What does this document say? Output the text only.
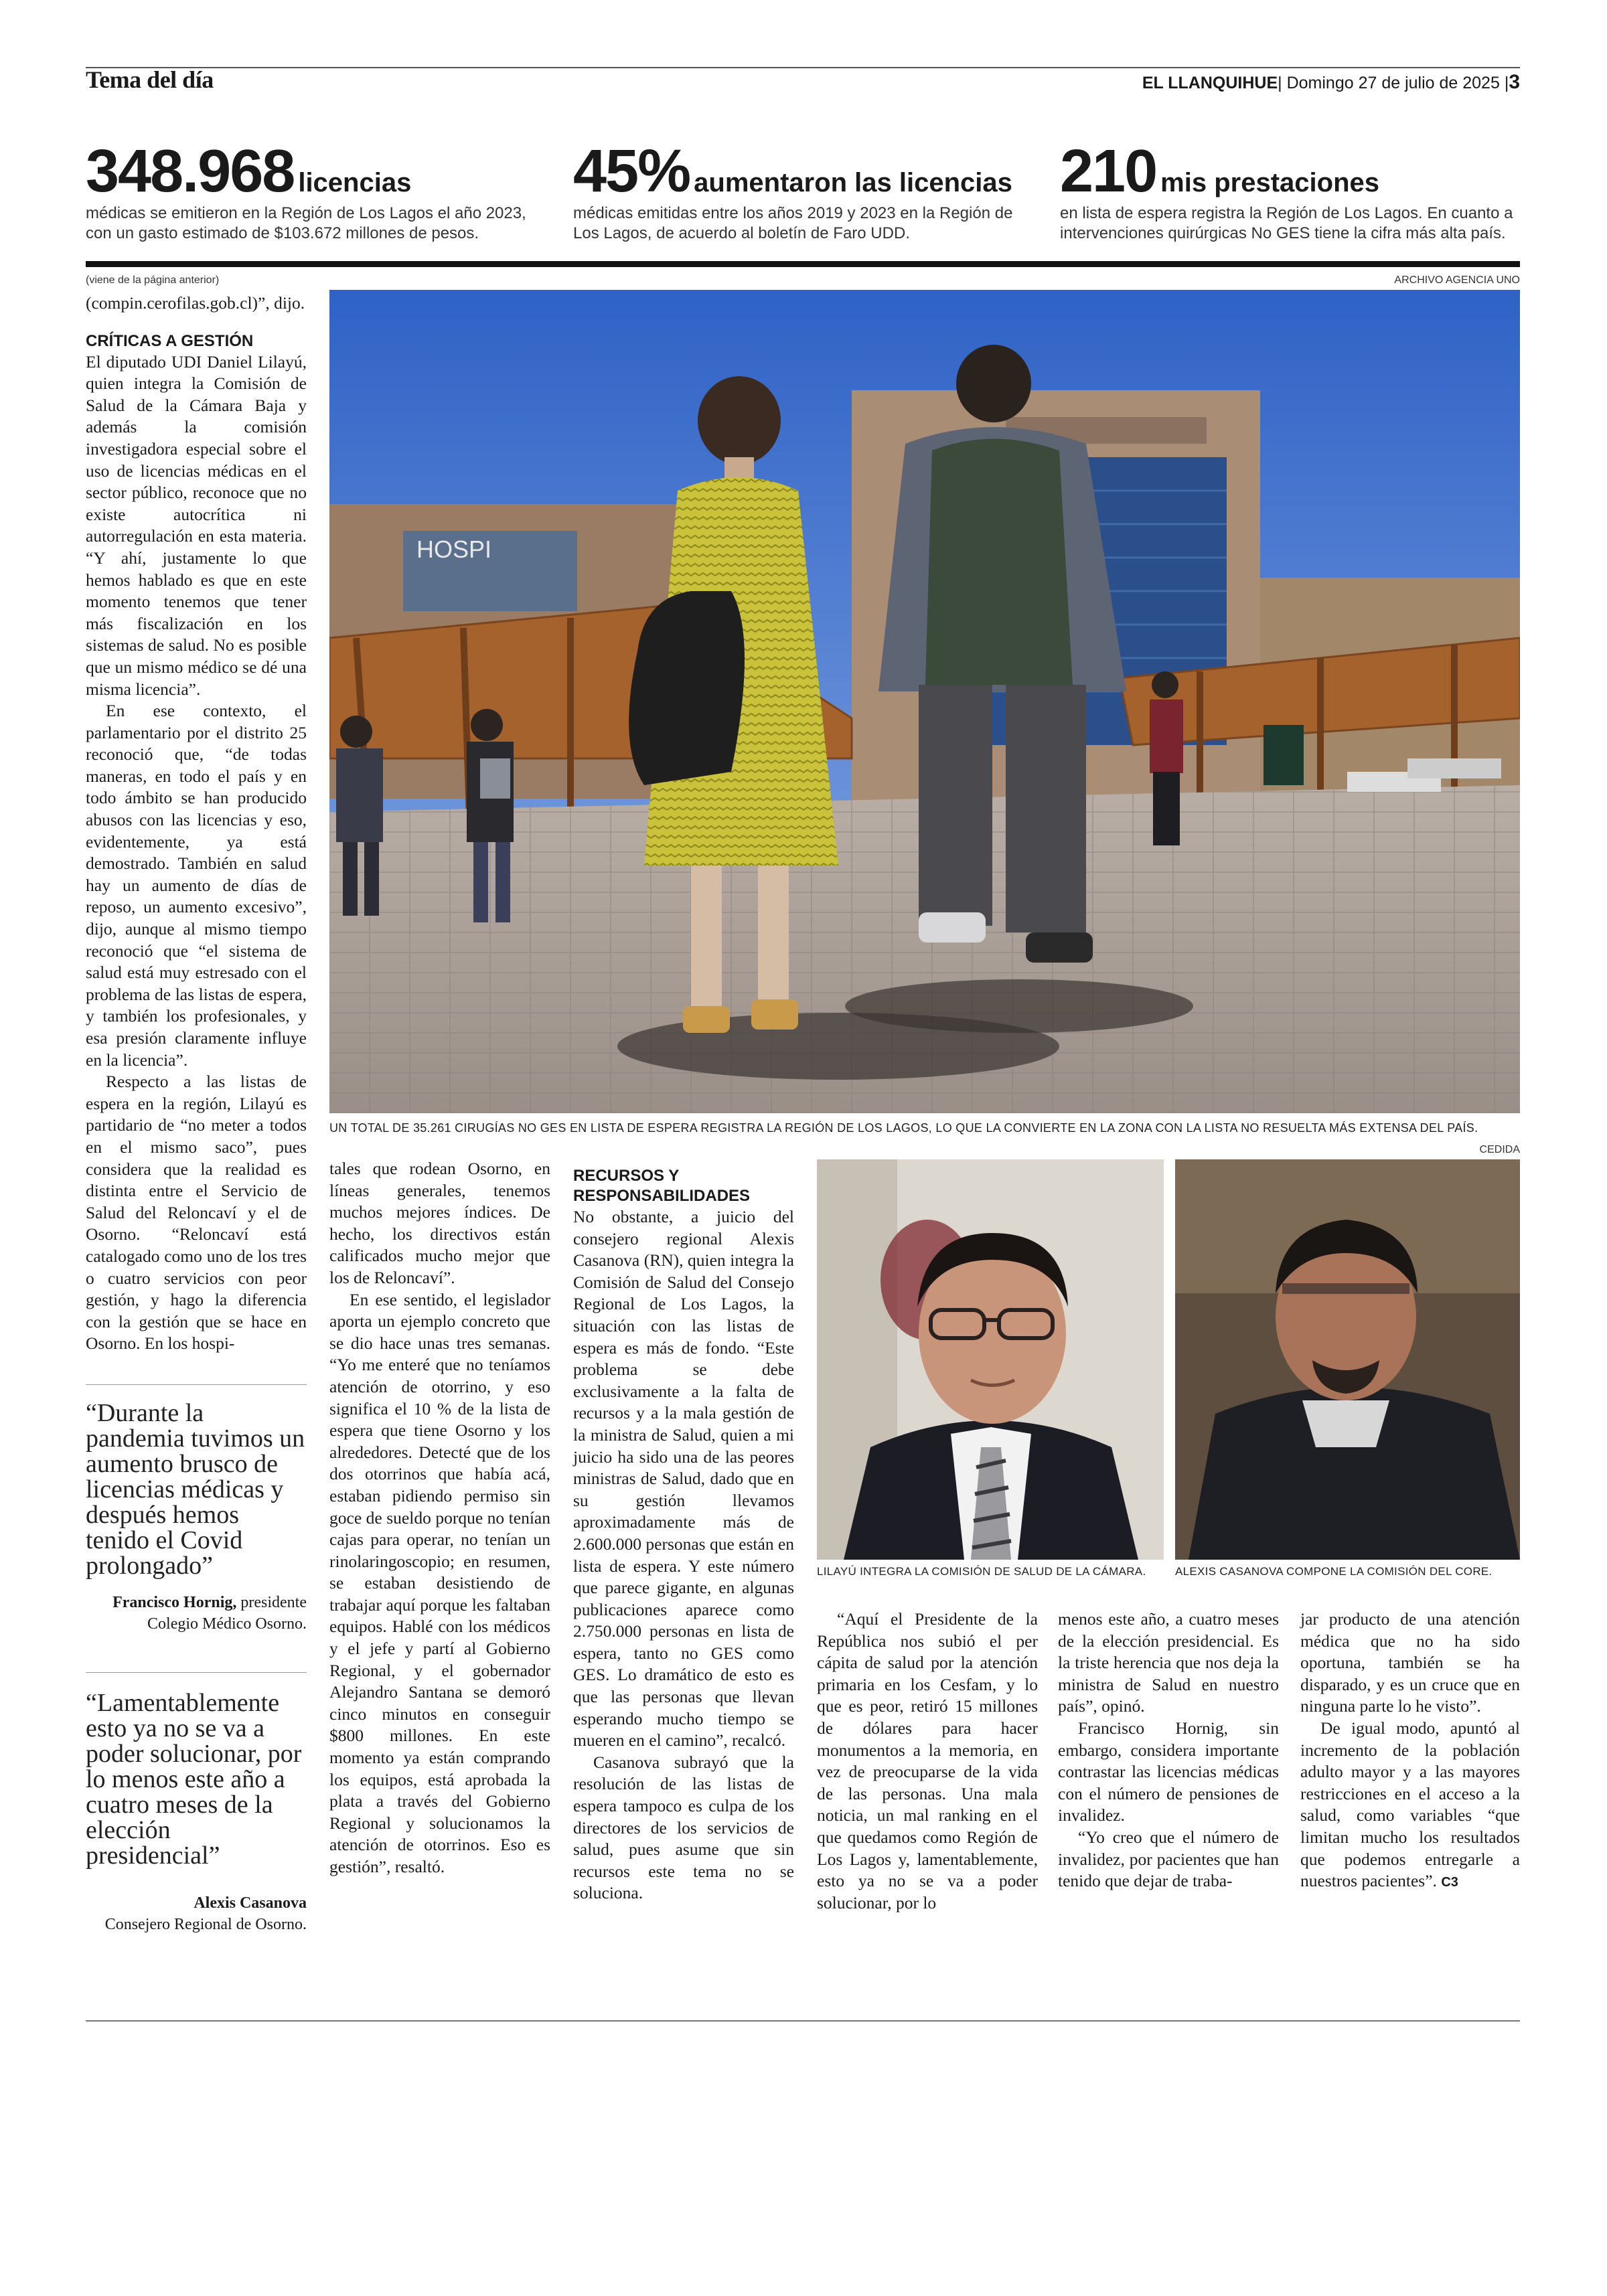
Tema del día	EL LLANQUIHUE| Domingo 27 de julio de 2025 |3
348.968 licencias
médicas se emitieron en la Región de Los Lagos el año 2023, con un gasto estimado de $103.672 millones de pesos.
45% aumentaron las licencias
médicas emitidas entre los años 2019 y 2023 en la Región de Los Lagos, de acuerdo al boletín de Faro UDD.
210 mis prestaciones
en lista de espera registra la Región de Los Lagos. En cuanto a intervenciones quirúrgicas No GES tiene la cifra más alta país.
(viene de la página anterior)	ARCHIVO AGENCIA UNO
HOSPI
UN TOTAL DE 35.261 CIRUGÍAS NO GES EN LISTA DE ESPERA REGISTRA LA REGIÓN DE LOS LAGOS, LO QUE LA CONVIERTE EN LA ZONA CON LA LISTA NO RESUELTA MÁS EXTENSA DEL PAÍS.
CEDIDA

(compin.cerofilas.gob.cl)”, dijo.

CRÍTICAS A GESTIÓN

El diputado UDI Daniel Lilayú, quien integra la Comisión de Salud de la Cámara Baja y además la comisión investigadora especial sobre el uso de licencias médicas en el sector público, reconoce que no existe autocrítica ni autorregulación en esta materia. “Y ahí, justamente lo que hemos hablado es que en este momento tenemos que tener más fiscalización en los sistemas de salud. No es posible que un mismo médico se dé una misma licencia”.

En ese contexto, el parlamentario por el distrito 25 reconoció que, “de todas maneras, en todo el país y en todo ámbito se han producido abusos con las licencias y eso, evidentemente, ya está demostrado. También en salud hay un aumento de días de reposo, un aumento excesivo”, dijo, aunque al mismo tiempo reconoció que “el sistema de salud está muy estresado con el problema de las listas de espera, y también los profesionales, y esa presión claramente influye en la licencia”.

Respecto a las listas de espera en la región, Lilayú es partidario de “no meter a todos en el mismo saco”, pues considera que la realidad es distinta entre el Servicio de Salud del Reloncaví y el de Osorno. “Reloncaví está catalogado como uno de los tres o cuatro servicios con peor gestión, y hago la diferencia con la gestión que se hace en Osorno. En los hospi-

“Durante la pandemia tuvimos un aumento brusco de licencias médicas y después hemos tenido el Covid prolongado”
Francisco Hornig, presidente
Colegio Médico Osorno.
“Lamentablemente esto ya no se va a poder solucionar, por lo menos este año a cuatro meses de la elección presidencial”
Alexis Casanova
Consejero Regional de Osorno.

tales que rodean Osorno, en líneas generales, tenemos muchos mejores índices. De hecho, los directivos están calificados mucho mejor que los de Reloncaví”.

En ese sentido, el legislador aporta un ejemplo concreto que se dio hace unas tres semanas. “Yo me enteré que no teníamos atención de otorrino, y eso significa el 10 % de la lista de espera que tiene Osorno y los alrededores. Detecté que de los dos otorrinos que había acá, estaban pidiendo permiso sin goce de sueldo porque no tenían cajas para operar, no tenían un rinolaringoscopio; en resumen, se estaban desistiendo de trabajar aquí porque les faltaban equipos. Hablé con los médicos y el jefe y partí al Gobierno Regional, y el gobernador Alejandro Santana se demoró cinco minutos en conseguir $800 millones. En este momento ya están comprando los equipos, está aprobada la plata a través del Gobierno Regional y solucionamos la atención de otorrinos. Eso es gestión”, resaltó.

RECURSOS Y
RESPONSABILIDADES

No obstante, a juicio del consejero regional Alexis Casanova (RN), quien integra la Comisión de Salud del Consejo Regional de Los Lagos, la situación con las listas de espera es más de fondo. “Este problema se debe exclusivamente a la falta de recursos y a la mala gestión de la ministra de Salud, quien a mi juicio ha sido una de las peores ministras de Salud, dado que en su gestión llevamos aproximadamente más de 2.600.000 personas que están en lista de espera. Y este número que parece gigante, en algunas publicaciones aparece como 2.750.000 personas en lista de espera, tanto no GES como GES. Lo dramático de esto es que las personas que llevan esperando mucho tiempo se mueren en el camino”, recalcó.

Casanova subrayó que la resolución de las listas de espera tampoco es culpa de los directores de los servicios de salud, pues asume que sin recursos este tema no se soluciona.

LILAYÚ INTEGRA LA COMISIÓN DE SALUD DE LA CÁMARA.	ALEXIS CASANOVA COMPONE LA COMISIÓN DEL CORE.

“Aquí el Presidente de la República nos subió el per cápita de salud por la atención primaria en los Cesfam, y lo que es peor, retiró 15 millones de dólares para hacer monumentos a la memoria, en vez de preocuparse de la vida de las personas. Una mala noticia, un mal ranking en el que quedamos como Región de Los Lagos y, lamentablemente, esto ya no se va a poder solucionar, por lo

menos este año, a cuatro meses de la elección presidencial. Es la triste herencia que nos deja la ministra de Salud en nuestro país”, opinó.

Francisco Hornig, sin embargo, considera importante contrastar las licencias médicas con el número de pensiones de invalidez.

“Yo creo que el número de invalidez, por pacientes que han tenido que dejar de traba-

jar producto de una atención médica que no ha sido oportuna, también se ha disparado, y es un cruce que en ninguna parte lo he visto”.

De igual modo, apuntó al incremento de la población adulto mayor y a las mayores restricciones en el acceso a la salud, como variables “que limitan mucho los resultados que podemos entregarle a nuestros pacientes”. C3
